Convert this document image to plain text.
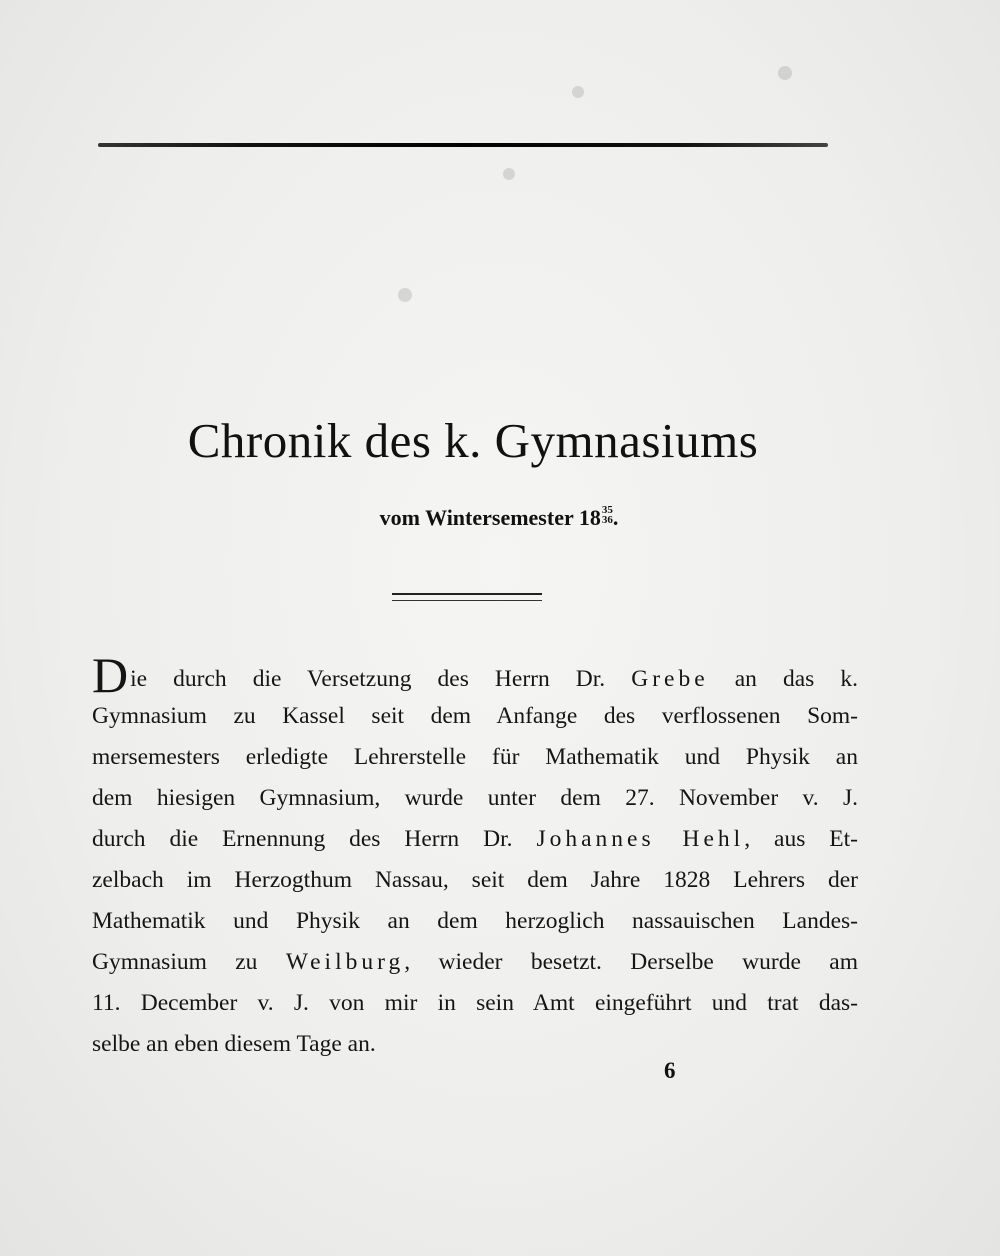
Chronik des k. Gymnasiums
vom Wintersemester 18 35
36 .
Die durch die Versetzung des Herrn Dr. Grebe an das k.
Gymnasium zu Kassel seit dem Anfange des verflossenen Som-
mersemesters erledigte Lehrerstelle für Mathematik und Physik an
dem hiesigen Gymnasium, wurde unter dem 27. November v. J.
durch die Ernennung des Herrn Dr. Johannes Hehl, aus Et-
zelbach im Herzogthum Nassau, seit dem Jahre 1828 Lehrers der
Mathematik und Physik an dem herzoglich nassauischen Landes-
Gymnasium zu Weilburg, wieder besetzt. Derselbe wurde am
11. December v. J. von mir in sein Amt eingeführt und trat das-
selbe an eben diesem Tage an.
6
